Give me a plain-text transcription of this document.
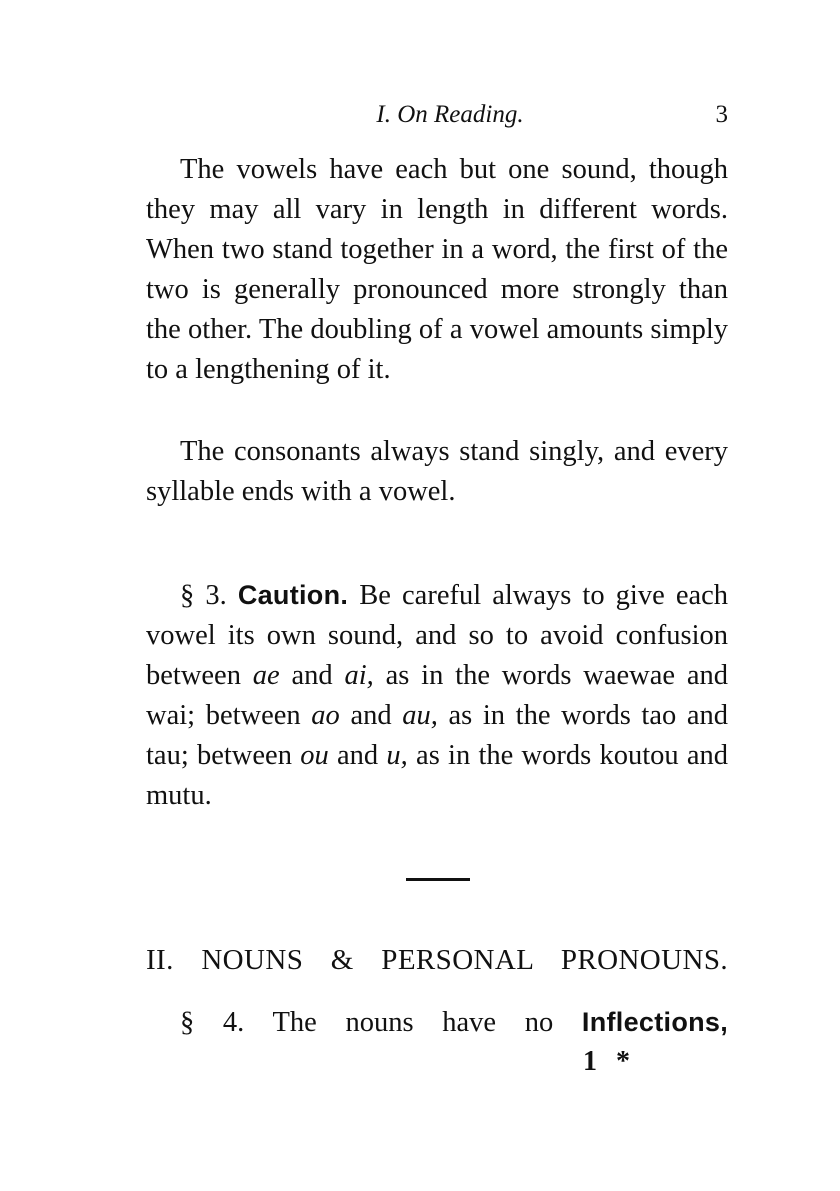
I. On Reading.	3

The vowels have each but one sound, though they may all vary in length in different words. When two stand together in a word, the first of the two is generally pronounced more strongly than the other. The doubling of a vowel amounts simply to a lengthening of it.

The consonants always stand singly, and every syllable ends with a vowel.

§ 3. Caution. Be careful always to give each vowel its own sound, and so to avoid confusion between ae and ai, as in the words waewae and wai; between ao and au, as in the words tao and tau; between ou and u, as in the words koutou and mutu.

II. NOUNS & PERSONAL PRONOUNS.

§ 4. The nouns have no Inflections,

1 *
